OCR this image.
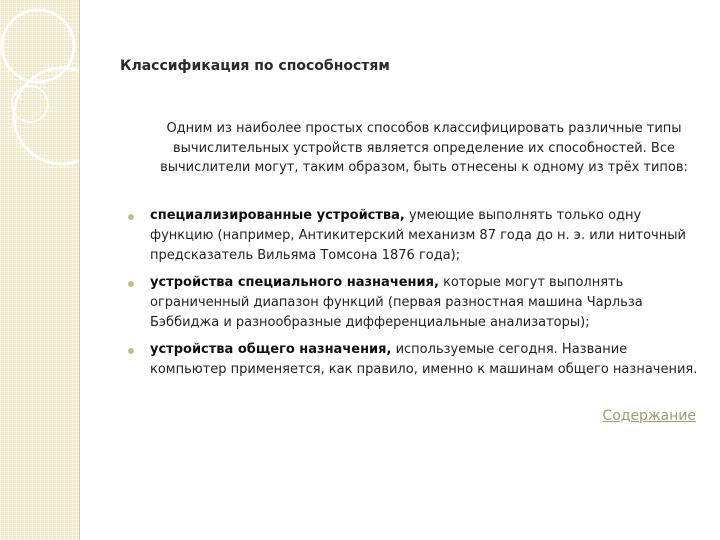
Классификация по способностям
Одним из наиболее простых способов классифицировать различные типы вычислительных устройств является определение их способностей. Все вычислители могут, таким образом, быть отнесены к одному из трёх типов:
специализированные устройства, умеющие выполнять только одну функцию (например, Антикитерский механизм 87 года до н. э. или ниточный предсказатель Вильяма Томсона 1876 года);
устройства специального назначения, которые могут выполнять ограниченный диапазон функций (первая разностная машина Чарльза Бэббиджа и разнообразные дифференциальные анализаторы);
устройства общего назначения, используемые сегодня. Название компьютер применяется, как правило, именно к машинам общего назначения.
Содержание
